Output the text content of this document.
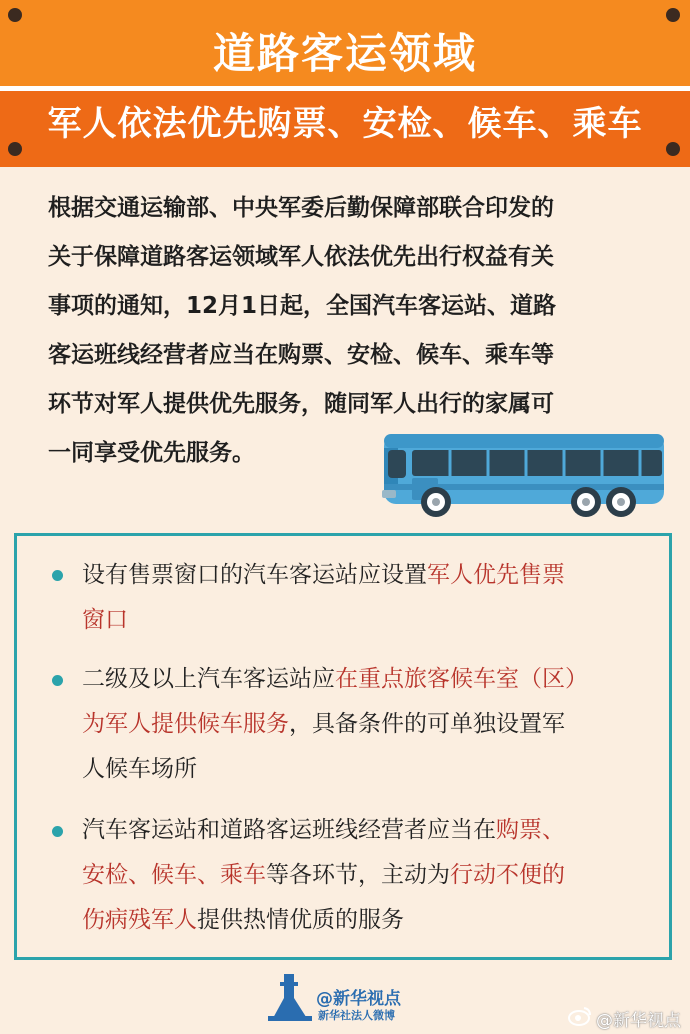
道路客运领域
军人依法优先购票、安检、候车、乘车
根据交通运输部、中央军委后勤保障部联合印发的
关于保障道路客运领域军人依法优先出行权益有关
事项的通知，12月1日起，全国汽车客运站、道路
客运班线经营者应当在购票、安检、候车、乘车等
环节对军人提供优先服务，随同军人出行的家属可
一同享受优先服务。
设有售票窗口的汽车客运站应设置军人优先售票
窗口
二级及以上汽车客运站应在重点旅客候车室（区）
为军人提供候车服务，具备条件的可单独设置军
人候车场所
汽车客运站和道路客运班线经营者应当在购票、
安检、候车、乘车等各环节，主动为行动不便的
伤病残军人提供热情优质的服务
@新华视点
新华社法人微博	@新华视点
